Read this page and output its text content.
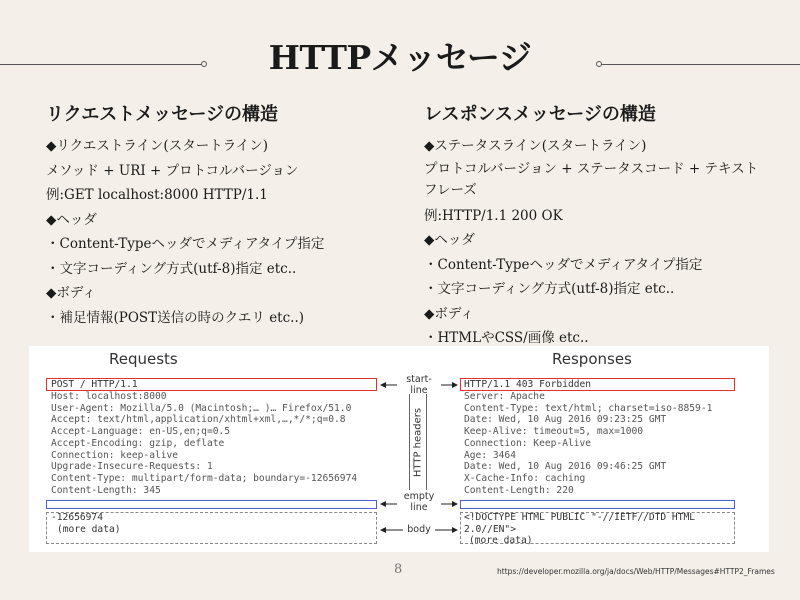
HTTPメッセージ
リクエストメッセージの構造
◆リクエストライン(スタートライン)
メソッド + URI + プロトコルバージョン
例:GET localhost:8000 HTTP/1.1
◆ヘッダ
・Content-Typeヘッダでメディアタイプ指定
・文字コーディング方式(utf-8)指定 etc..
◆ボディ
・補足情報(POST送信の時のクエリ etc..)
レスポンスメッセージの構造
◆ステータスライン(スタートライン)
プロトコルバージョン + ステータスコード + テキストフレーズ
例:HTTP/1.1 200 OK
◆ヘッダ
・Content-Typeヘッダでメディアタイプ指定
・文字コーディング方式(utf-8)指定 etc..
◆ボディ
・HTMLやCSS/画像 etc..
Requests	Responses
POST / HTTP/1.1
Host: localhost:8000
User-Agent: Mozilla/5.0 (Macintosh;… )… Firefox/51.0
Accept: text/html,application/xhtml+xml,…,*/*;q=0.8
Accept-Language: en-US,en;q=0.5
Accept-Encoding: gzip, deflate
Connection: keep-alive
Upgrade-Insecure-Requests: 1
Content-Type: multipart/form-data; boundary=-12656974
Content-Length: 345
-12656974
(more data)
HTTP/1.1 403 Forbidden
Server: Apache
Content-Type: text/html; charset=iso-8859-1
Date: Wed, 10 Aug 2016 09:23:25 GMT
Keep-Alive: timeout=5, max=1000
Connection: Keep-Alive
Age: 3464
Date: Wed, 10 Aug 2016 09:46:25 GMT
X-Cache-Info: caching
Content-Length: 220
<!DOCTYPE HTML PUBLIC "-//IETF//DTD HTML
2.0//EN">
(more data)
start-
line
HTTP headers
empty
line
body
8	https://developer.mozilla.org/ja/docs/Web/HTTP/Messages#HTTP2_Frames
